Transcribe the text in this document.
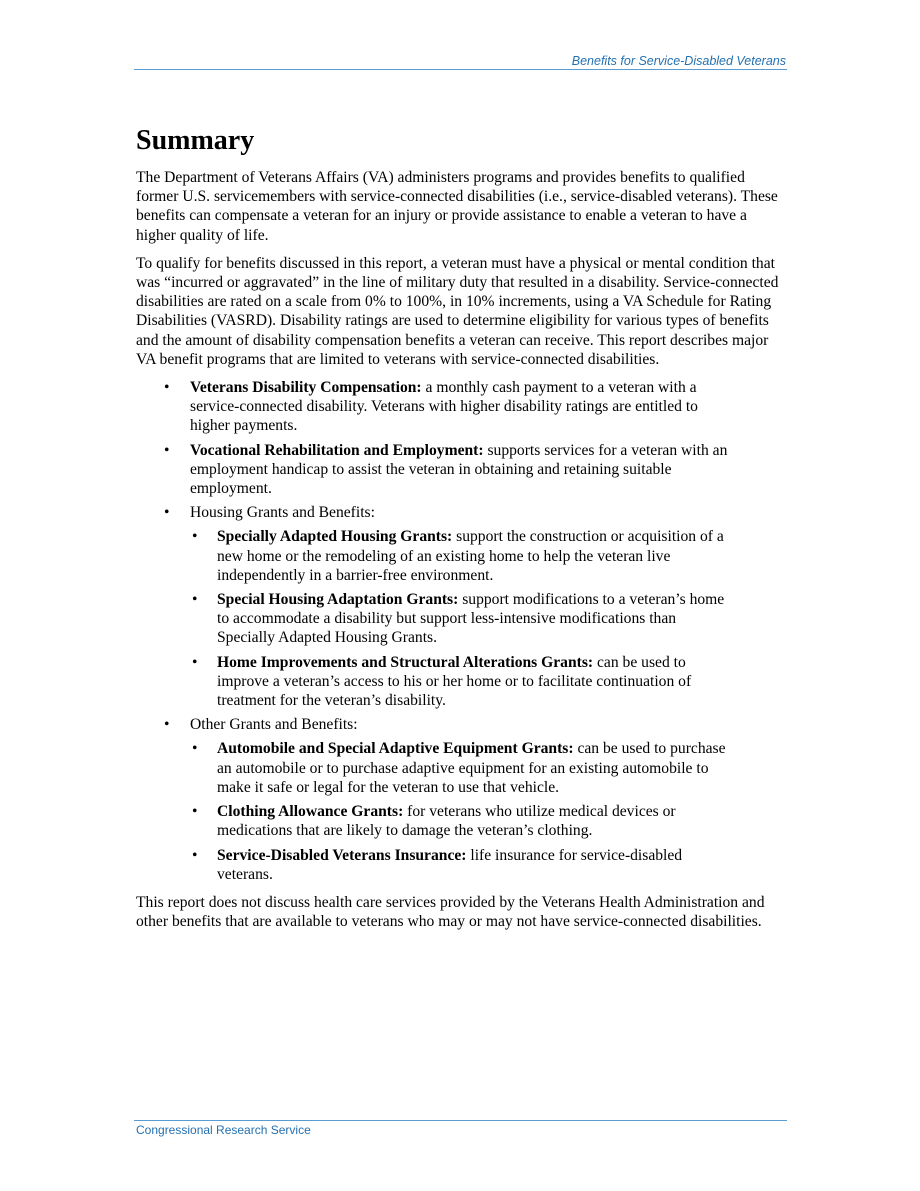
Benefits for Service-Disabled Veterans
Summary

The Department of Veterans Affairs (VA) administers programs and provides benefits to qualified former U.S. servicemembers with service-connected disabilities (i.e., service-disabled veterans). These benefits can compensate a veteran for an injury or provide assistance to enable a veteran to have a higher quality of life.

To qualify for benefits discussed in this report, a veteran must have a physical or mental condition that was “incurred or aggravated” in the line of military duty that resulted in a disability. Service-connected disabilities are rated on a scale from 0% to 100%, in 10% increments, using a VA Schedule for Rating Disabilities (VASRD). Disability ratings are used to determine eligibility for various types of benefits and the amount of disability compensation benefits a veteran can receive. This report describes major VA benefit programs that are limited to veterans with service-connected disabilities.

• Veterans Disability Compensation: a monthly cash payment to a veteran with a service-connected disability. Veterans with higher disability ratings are entitled to higher payments.
• Vocational Rehabilitation and Employment: supports services for a veteran with an employment handicap to assist the veteran in obtaining and retaining suitable employment.
• Housing Grants and Benefits:
• Specially Adapted Housing Grants: support the construction or acquisition of a new home or the remodeling of an existing home to help the veteran live independently in a barrier-free environment.
• Special Housing Adaptation Grants: support modifications to a veteran’s home to accommodate a disability but support less-intensive modifications than Specially Adapted Housing Grants.
• Home Improvements and Structural Alterations Grants: can be used to improve a veteran’s access to his or her home or to facilitate continuation of treatment for the veteran’s disability.
• Other Grants and Benefits:
• Automobile and Special Adaptive Equipment Grants: can be used to purchase an automobile or to purchase adaptive equipment for an existing automobile to make it safe or legal for the veteran to use that vehicle.
• Clothing Allowance Grants: for veterans who utilize medical devices or medications that are likely to damage the veteran’s clothing.
• Service-Disabled Veterans Insurance: life insurance for service-disabled veterans.

This report does not discuss health care services provided by the Veterans Health Administration and other benefits that are available to veterans who may or may not have service-connected disabilities.

Congressional Research Service
